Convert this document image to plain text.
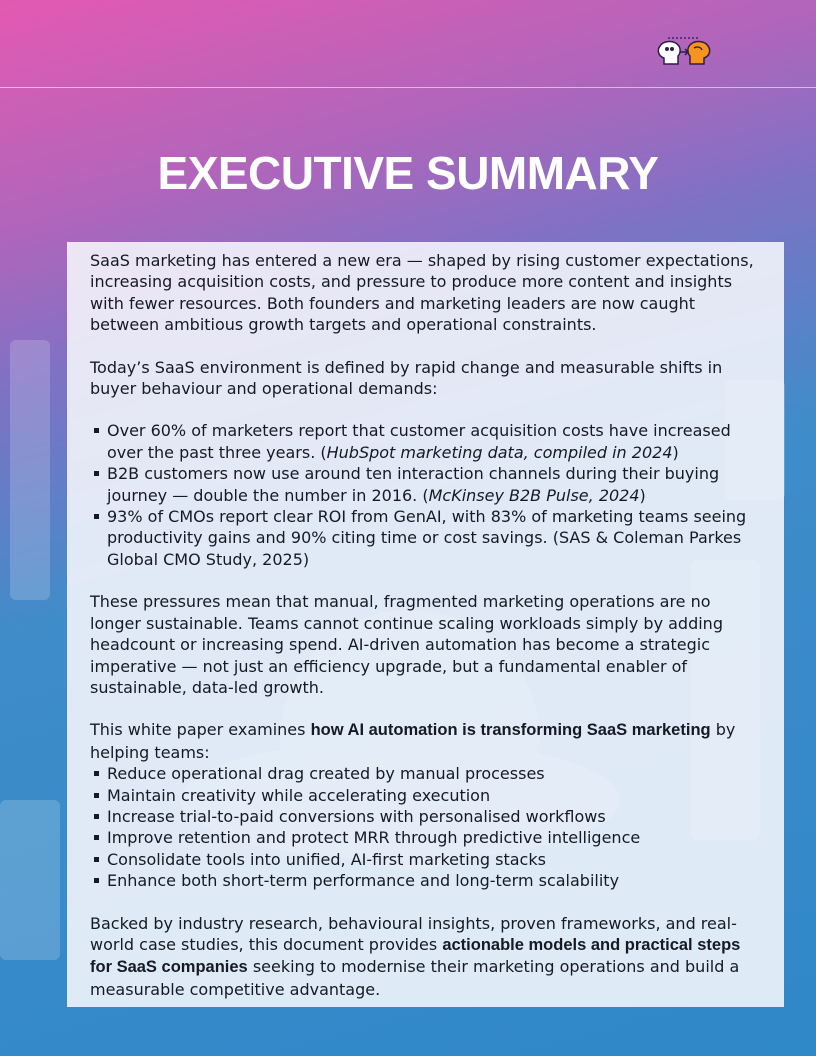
EXECUTIVE SUMMARY

SaaS marketing has entered a new era — shaped by rising customer expectations, increasing acquisition costs, and pressure to produce more content and insights with fewer resources. Both founders and marketing leaders are now caught between ambitious growth targets and operational constraints.

Today’s SaaS environment is defined by rapid change and measurable shifts in buyer behaviour and operational demands:

Over 60% of marketers report that customer acquisition costs have increased over the past three years. (HubSpot marketing data, compiled in 2024)
B2B customers now use around ten interaction channels during their buying journey — double the number in 2016. (McKinsey B2B Pulse, 2024)
93% of CMOs report clear ROI from GenAI, with 83% of marketing teams seeing productivity gains and 90% citing time or cost savings. (SAS & Coleman Parkes Global CMO Study, 2025)

These pressures mean that manual, fragmented marketing operations are no longer sustainable. Teams cannot continue scaling workloads simply by adding headcount or increasing spend. AI-driven automation has become a strategic imperative — not just an efficiency upgrade, but a fundamental enabler of sustainable, data-led growth.

This white paper examines how AI automation is transforming SaaS marketing by helping teams:

Reduce operational drag created by manual processes
Maintain creativity while accelerating execution
Increase trial-to-paid conversions with personalised workflows
Improve retention and protect MRR through predictive intelligence
Consolidate tools into unified, AI-first marketing stacks
Enhance both short-term performance and long-term scalability

Backed by industry research, behavioural insights, proven frameworks, and real-world case studies, this document provides actionable models and practical steps for SaaS companies seeking to modernise their marketing operations and build a measurable competitive advantage.
